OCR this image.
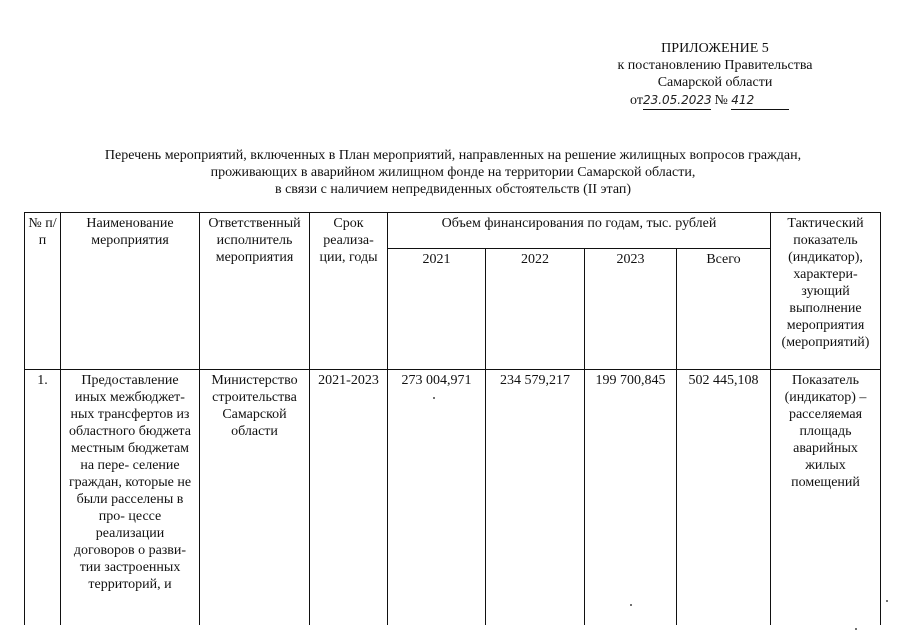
ПРИЛОЖЕНИЕ 5
к постановлению Правительства
Самарской области
от23.05.2023 № 412
Перечень мероприятий, включенных в План мероприятий, направленных на решение жилищных вопросов граждан,
проживающих в аварийном жилищном фонде на территории Самарской области,
в связи с наличием непредвиденных обстоятельств (II этап)
№ п/п	Наименование мероприятия	Ответственный исполнитель мероприятия	Срок реализа- ции, годы	Объем финансирования по годам, тыс. рублей				Тактический показатель (индикатор), характери- зующий выполнение мероприятия (мероприятий)
				2021	2022	2023	Всего	
1.	Предоставление иных межбюджет- ных трансфертов из областного бюджета местным бюджетам на пере- селение граждан, которые не были расселены в про- цессе реализации договоров о разви- тии застроенных территорий, и	Министерство строительства Самарской области	2021-2023	273 004,971	234 579,217	199 700,845	502 445,108	Показатель (индикатор) – расселяемая площадь аварийных жилых помещений
